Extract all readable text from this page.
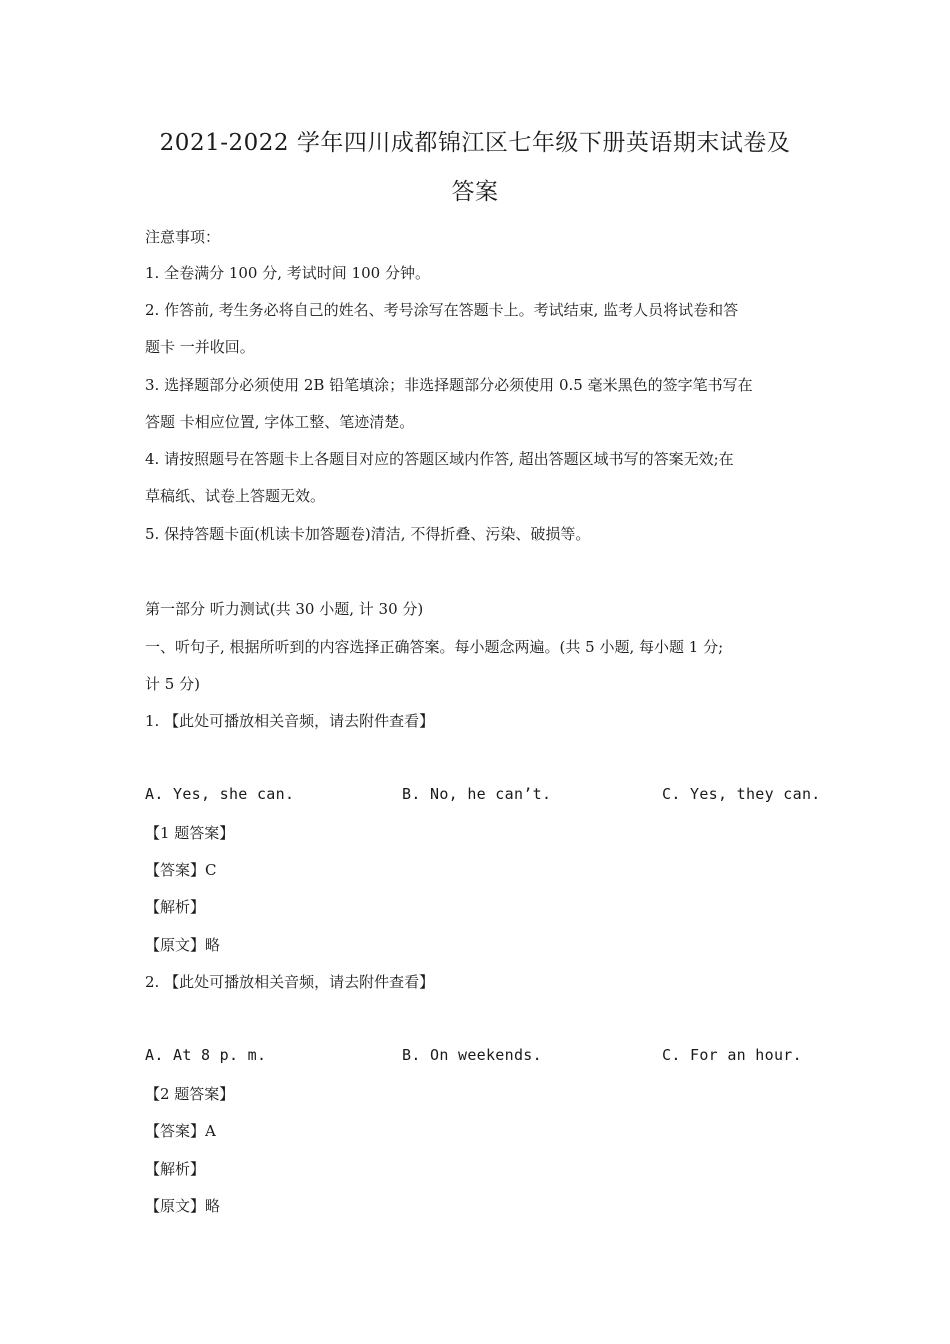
2021-2022 学年四川成都锦江区七年级下册英语期末试卷及
答案
注意事项：
1. 全卷满分 100 分, 考试时间 100 分钟。
2. 作答前, 考生务必将自己的姓名、考号涂写在答题卡上。考试结束, 监考人员将试卷和答
题卡 一并收回。
3. 选择题部分必须使用 2B 铅笔填涂；非选择题部分必须使用 0.5 毫米黑色的签字笔书写在
答题 卡相应位置, 字体工整、笔迹清楚。
4. 请按照题号在答题卡上各题目对应的答题区域内作答, 超出答题区域书写的答案无效;在
草稿纸、试卷上答题无效。
5. 保持答题卡面(机读卡加答题卷)清洁, 不得折叠、污染、破损等。
第一部分 听力测试(共 30 小题, 计 30 分)
一、听句子, 根据所听到的内容选择正确答案。每小题念两遍。(共 5 小题, 每小题 1 分;
计 5 分)
1. 【此处可播放相关音频，请去附件查看】
A. Yes, she can.	B. No, he can’t.	C. Yes, they can.
【1 题答案】
【答案】C
【解析】
【原文】略
2. 【此处可播放相关音频，请去附件查看】
A. At 8 p. m.	B. On weekends.	C. For an hour.
【2 题答案】
【答案】A
【解析】
【原文】略
